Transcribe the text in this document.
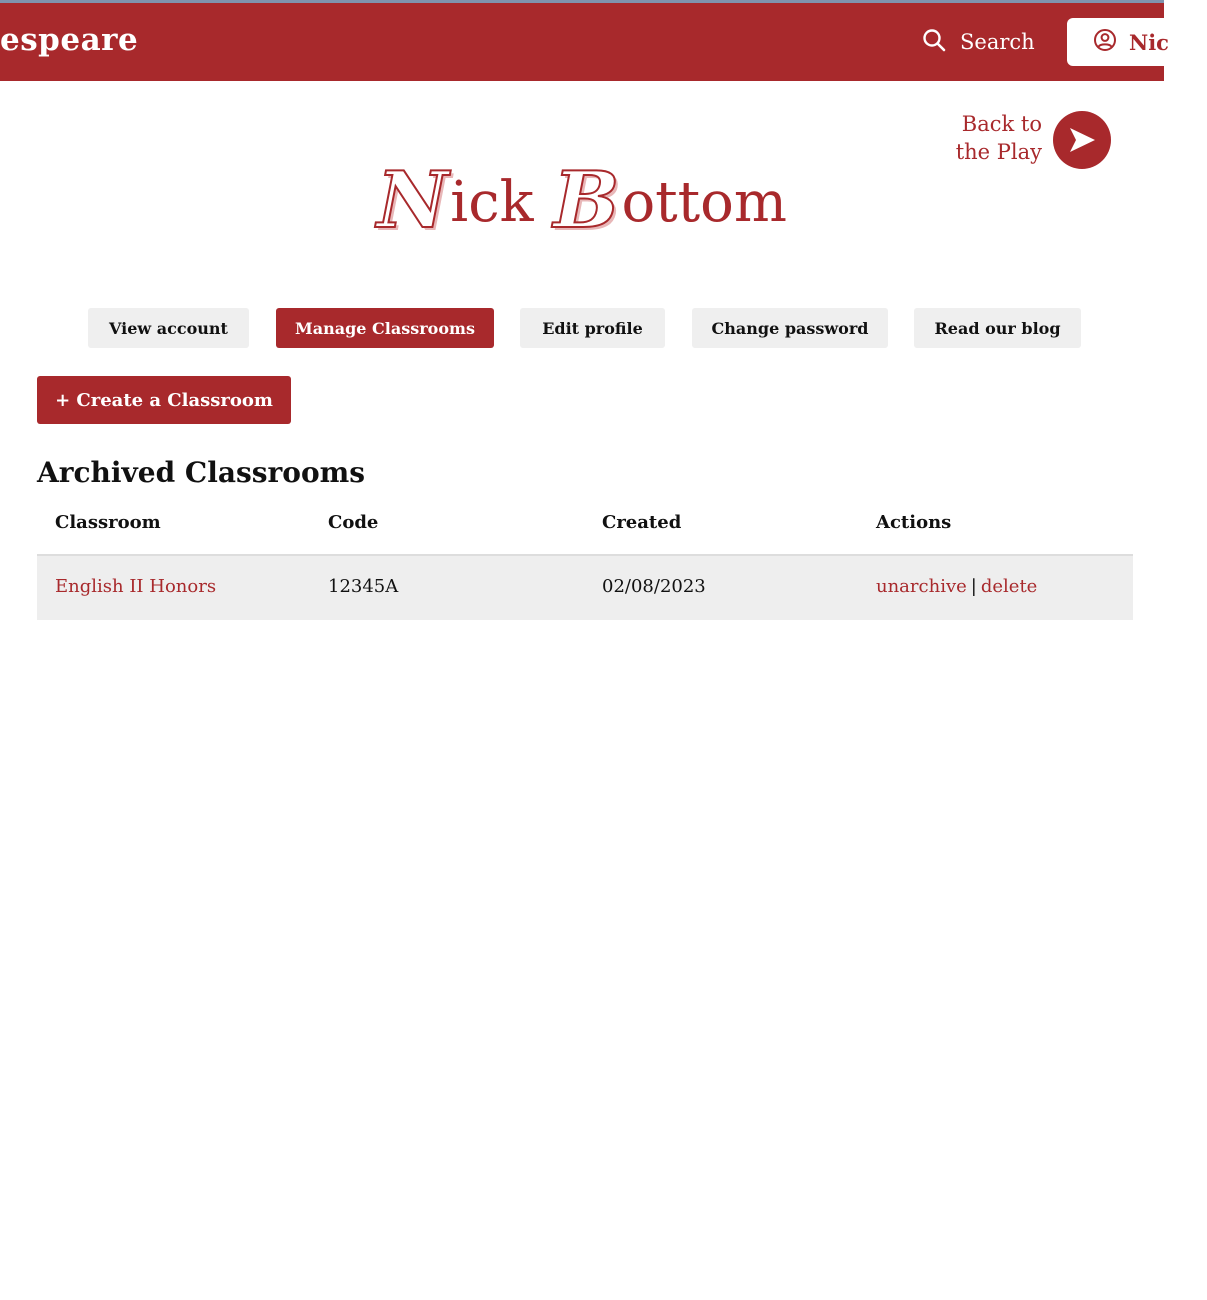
espeare	Search	Nic
Back to
the Play
Nick Bottom
View account	Manage Classrooms	Edit profile	Change password	Read our blog
+ Create a Classroom
Archived Classrooms
Classroom	Code	Created	Actions
English II Honors	12345A	02/08/2023	unarchive | delete
